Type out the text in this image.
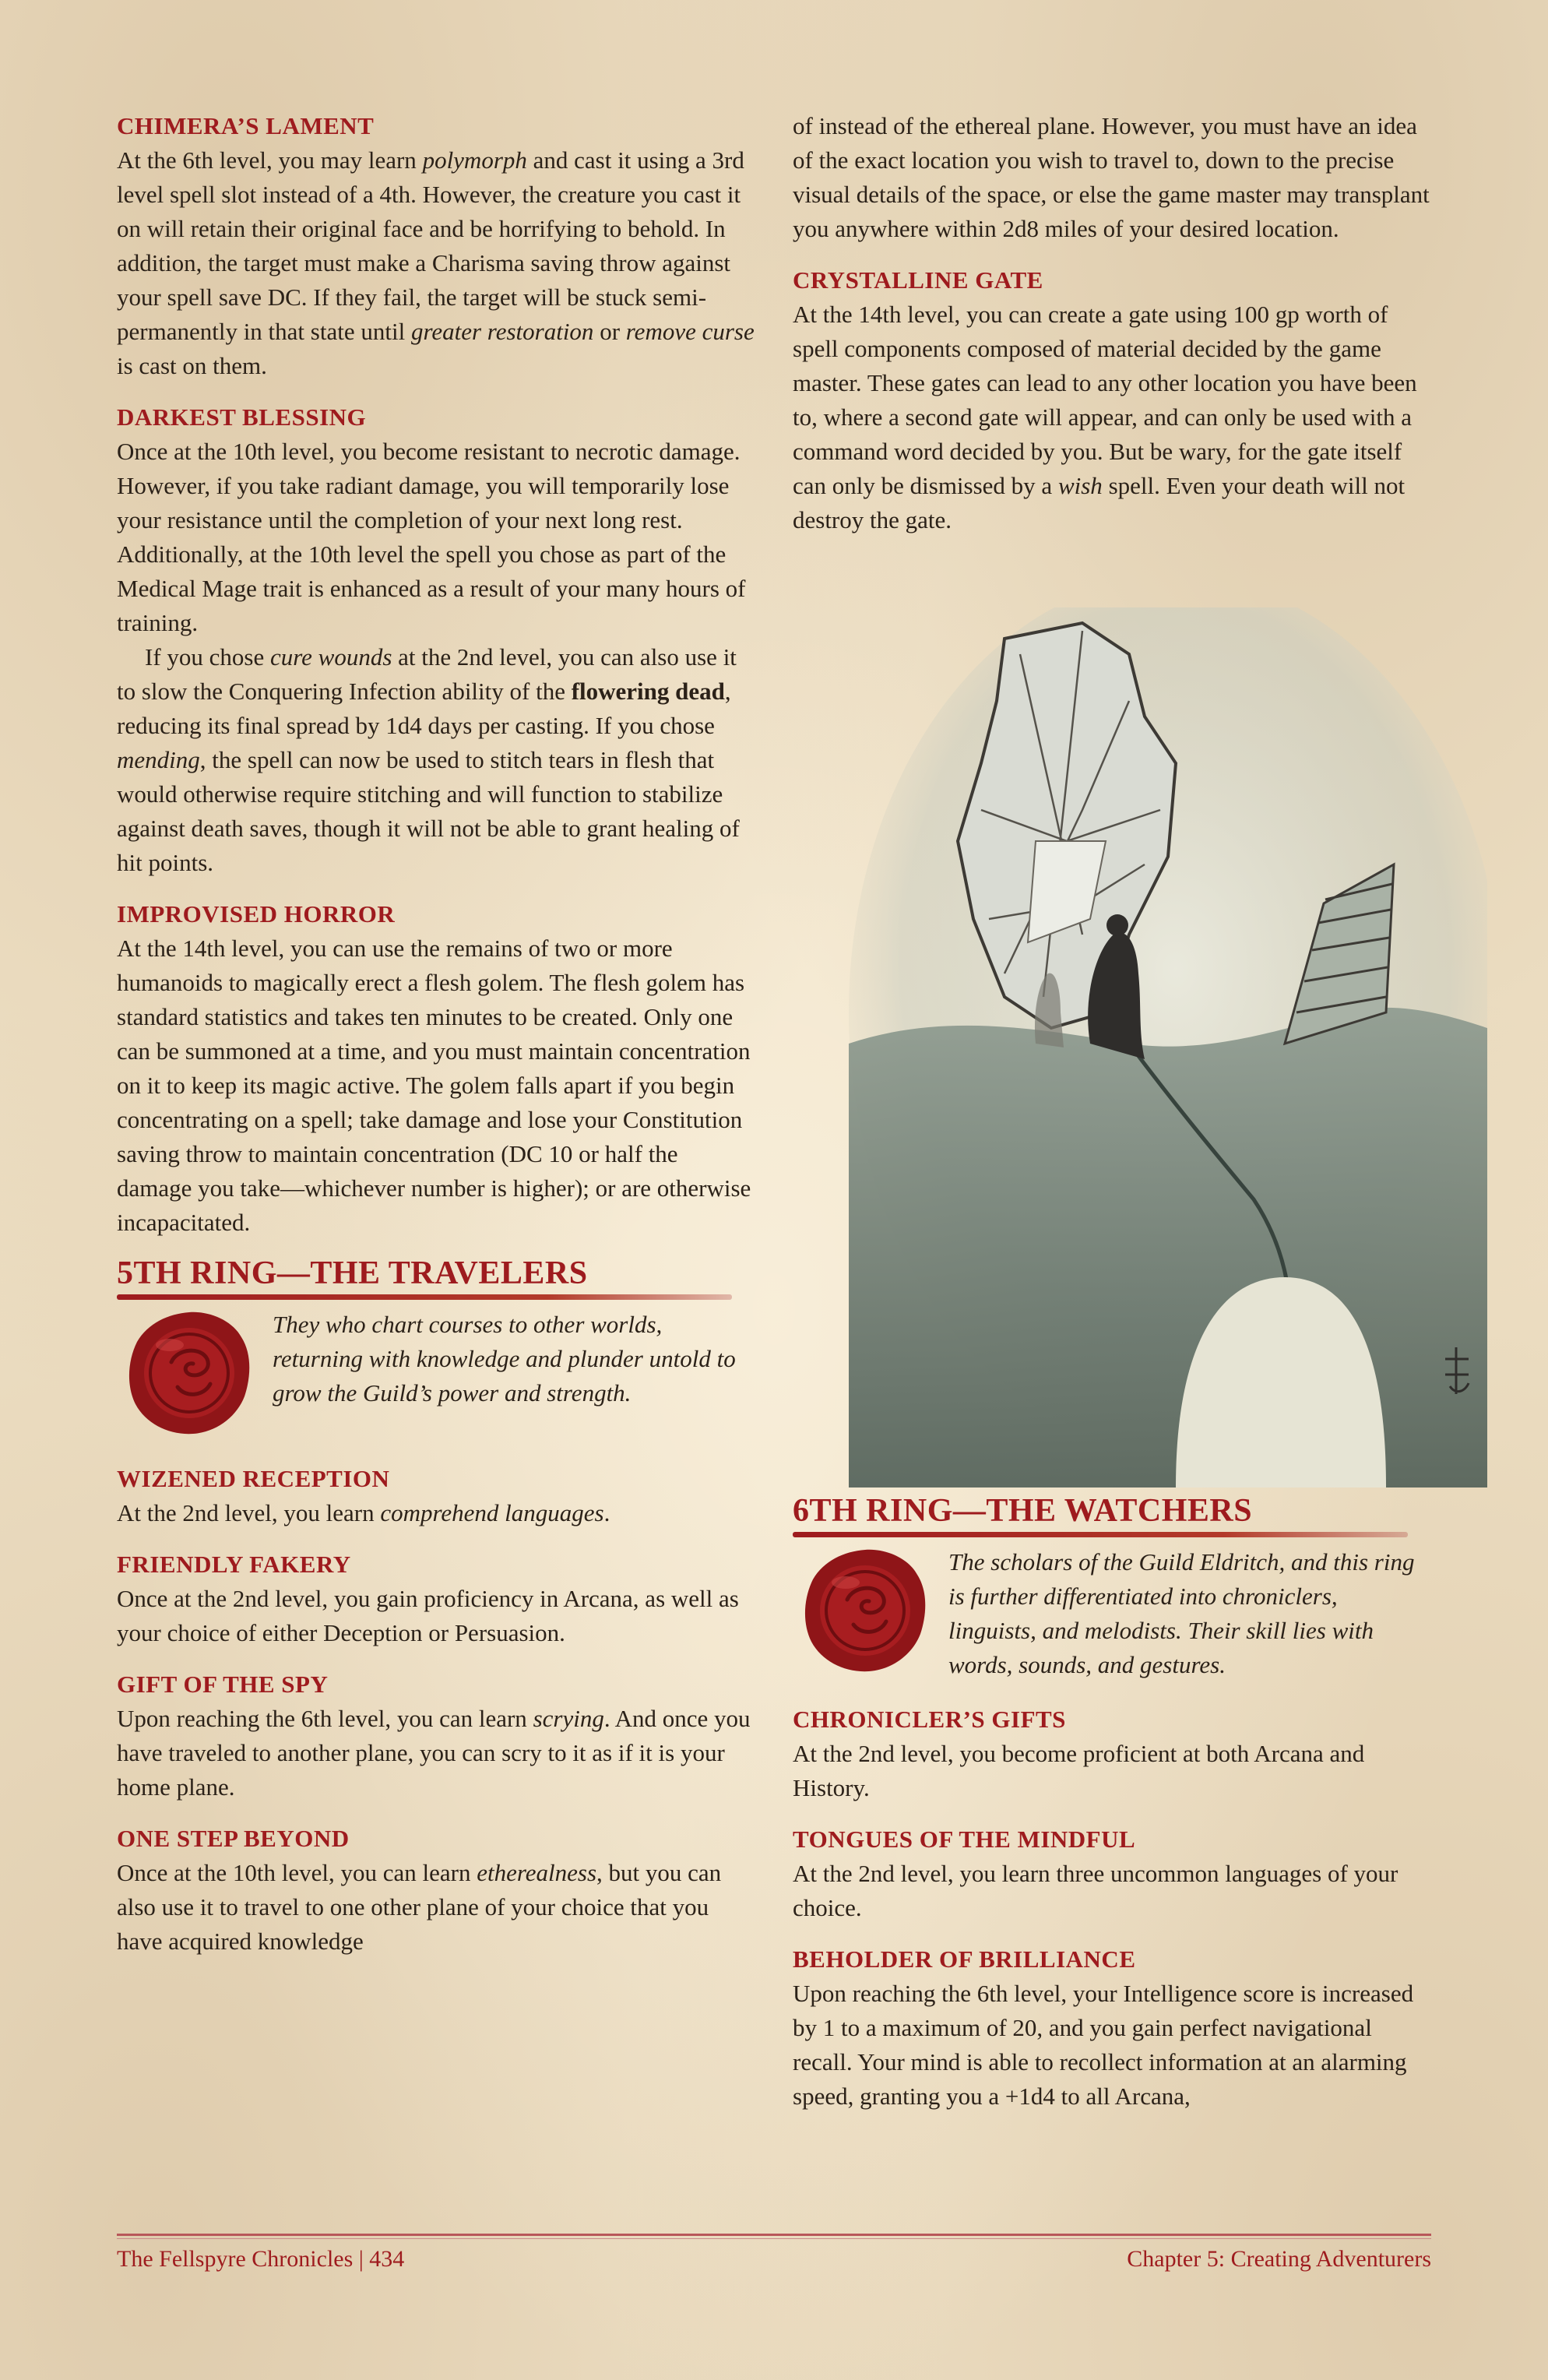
CHIMERA’S LAMENT

At the 6th level, you may learn polymorph and cast it using a 3rd level spell slot instead of a 4th. However, the creature you cast it on will retain their original face and be horrifying to behold. In addition, the target must make a Charisma saving throw against your spell save DC. If they fail, the target will be stuck semi-permanently in that state until greater restoration or remove curse is cast on them.

DARKEST BLESSING

Once at the 10th level, you become resistant to necrotic damage. However, if you take radiant damage, you will temporarily lose your resistance until the completion of your next long rest. Additionally, at the 10th level the spell you chose as part of the Medical Mage trait is enhanced as a result of your many hours of training.

If you chose cure wounds at the 2nd level, you can also use it to slow the Conquering Infection ability of the flowering dead, reducing its final spread by 1d4 days per casting. If you chose mending, the spell can now be used to stitch tears in flesh that would otherwise require stitching and will function to stabilize against death saves, though it will not be able to grant healing of hit points.

IMPROVISED HORROR

At the 14th level, you can use the remains of two or more humanoids to magically erect a flesh golem. The flesh golem has standard statistics and takes ten minutes to be created. Only one can be summoned at a time, and you must maintain concentration on it to keep its magic active. The golem falls apart if you begin concentrating on a spell; take damage and lose your Constitution saving throw to maintain concentration (DC 10 or half the damage you take—whichever number is higher); or are otherwise incapacitated.

5TH RING—THE TRAVELERS

They who chart courses to other worlds, returning with knowledge and plunder untold to grow the Guild’s power and strength.

WIZENED RECEPTION

At the 2nd level, you learn comprehend languages.

FRIENDLY FAKERY

Once at the 2nd level, you gain proficiency in Arcana, as well as your choice of either Deception or Persuasion.

GIFT OF THE SPY

Upon reaching the 6th level, you can learn scrying. And once you have traveled to another plane, you can scry to it as if it is your home plane.

ONE STEP BEYOND

Once at the 10th level, you can learn etherealness, but you can also use it to travel to one other plane of your choice that you have acquired knowledge

of instead of the ethereal plane. However, you must have an idea of the exact location you wish to travel to, down to the precise visual details of the space, or else the game master may transplant you anywhere within 2d8 miles of your desired location.

CRYSTALLINE GATE

At the 14th level, you can create a gate using 100 gp worth of spell components composed of material decided by the game master. These gates can lead to any other location you have been to, where a second gate will appear, and can only be used with a command word decided by you. But be wary, for the gate itself can only be dismissed by a wish spell. Even your death will not destroy the gate.

6TH RING—THE WATCHERS

The scholars of the Guild Eldritch, and this ring is further differentiated into chroniclers, linguists, and melodists. Their skill lies with words, sounds, and gestures.

CHRONICLER’S GIFTS

At the 2nd level, you become proficient at both Arcana and History.

TONGUES OF THE MINDFUL

At the 2nd level, you learn three uncommon languages of your choice.

BEHOLDER OF BRILLIANCE

Upon reaching the 6th level, your Intelligence score is increased by 1 to a maximum of 20, and you gain perfect navigational recall. Your mind is able to recollect information at an alarming speed, granting you a +1d4 to all Arcana,

The Fellspyre Chronicles | 434	Chapter 5: Creating Adventurers
